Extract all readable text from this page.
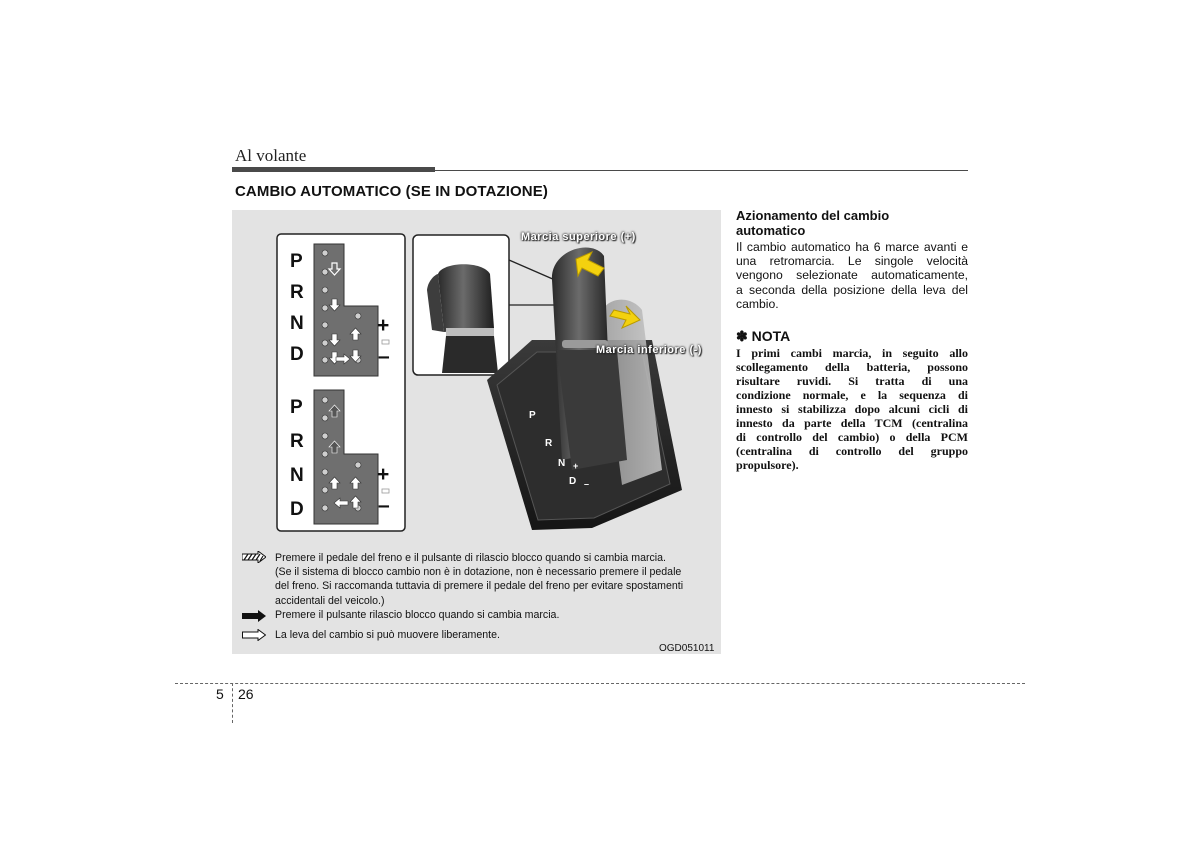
Al volante
CAMBIO AUTOMATICO (SE IN DOTAZIONE)
P
R
N
D
P
R
N
D
+
–
+
–
P
R
N
D
+
–
Marcia superiore (+)
Marcia inferiore (-)
Premere il pedale del freno e il pulsante di rilascio blocco quando si cambia marcia.
(Se il sistema di blocco cambio non è in dotazione, non è necessario premere il pedale
del freno. Si raccomanda tuttavia di premere il pedale del freno per evitare spostamenti
accidentali del veicolo.)
Premere il pulsante rilascio blocco quando si cambia marcia.
La leva del cambio si può muovere liberamente.
OGD051011
Azionamento del cambio
automatico
Il cambio automatico ha 6 marce avanti e
una retromarcia. Le singole velocità
vengono selezionate automaticamente,
a seconda della posizione della leva del
cambio.
✽ NOTA
I primi cambi marcia, in seguito allo
scollegamento della batteria, possono
risultare ruvidi. Si tratta di una
condizione normale, e la sequenza di
innesto si stabilizza dopo alcuni cicli di
innesto da parte della TCM (centralina
di controllo del cambio) o della PCM
(centralina di controllo del gruppo
propulsore).
5 26
